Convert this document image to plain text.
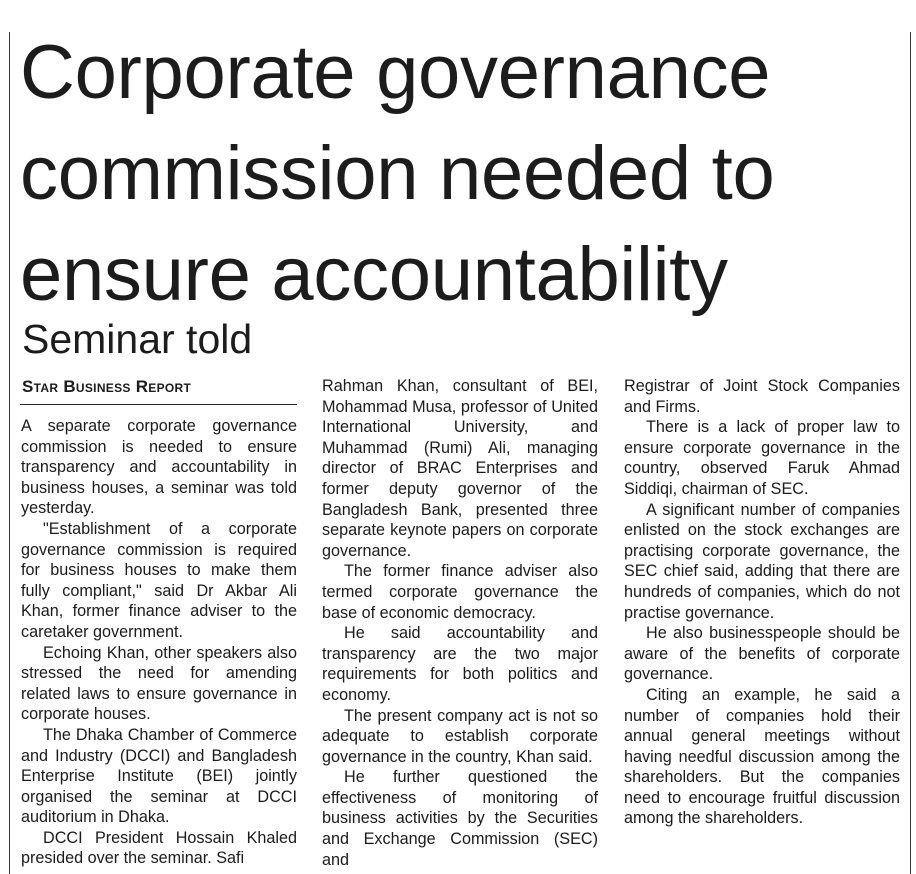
Corporate governance
commission needed to
ensure accountability
Seminar told
Star Business Report

A separate corporate governance commission is needed to ensure transparency and accountability in business houses, a seminar was told yesterday.

"Establishment of a corporate governance commission is required for business houses to make them fully compliant," said Dr Akbar Ali Khan, former finance adviser to the caretaker government.

Echoing Khan, other speakers also stressed the need for amending related laws to ensure governance in corporate houses.

The Dhaka Chamber of Commerce and Industry (DCCI) and Bangladesh Enterprise Institute (BEI) jointly organised the seminar at DCCI auditorium in Dhaka.

DCCI President Hossain Khaled presided over the seminar. Safi

Rahman Khan, consultant of BEI, Mohammad Musa, professor of United International University, and Muhammad (Rumi) Ali, managing director of BRAC Enterprises and former deputy governor of the Bangladesh Bank, presented three separate keynote papers on corporate governance.

The former finance adviser also termed corporate governance the base of economic democracy.

He said accountability and transparency are the two major requirements for both politics and economy.

The present company act is not so adequate to establish corporate governance in the country, Khan said.

He further questioned the effectiveness of monitoring of business activities by the Securities and Exchange Commission (SEC) and

Registrar of Joint Stock Companies and Firms.

There is a lack of proper law to ensure corporate governance in the country, observed Faruk Ahmad Siddiqi, chairman of SEC.

A significant number of companies enlisted on the stock exchanges are practising corporate governance, the SEC chief said, adding that there are hundreds of companies, which do not practise governance.

He also businesspeople should be aware of the benefits of corporate governance.

Citing an example, he said a number of companies hold their annual general meetings without having needful discussion among the shareholders. But the companies need to encourage fruitful discussion among the shareholders.
